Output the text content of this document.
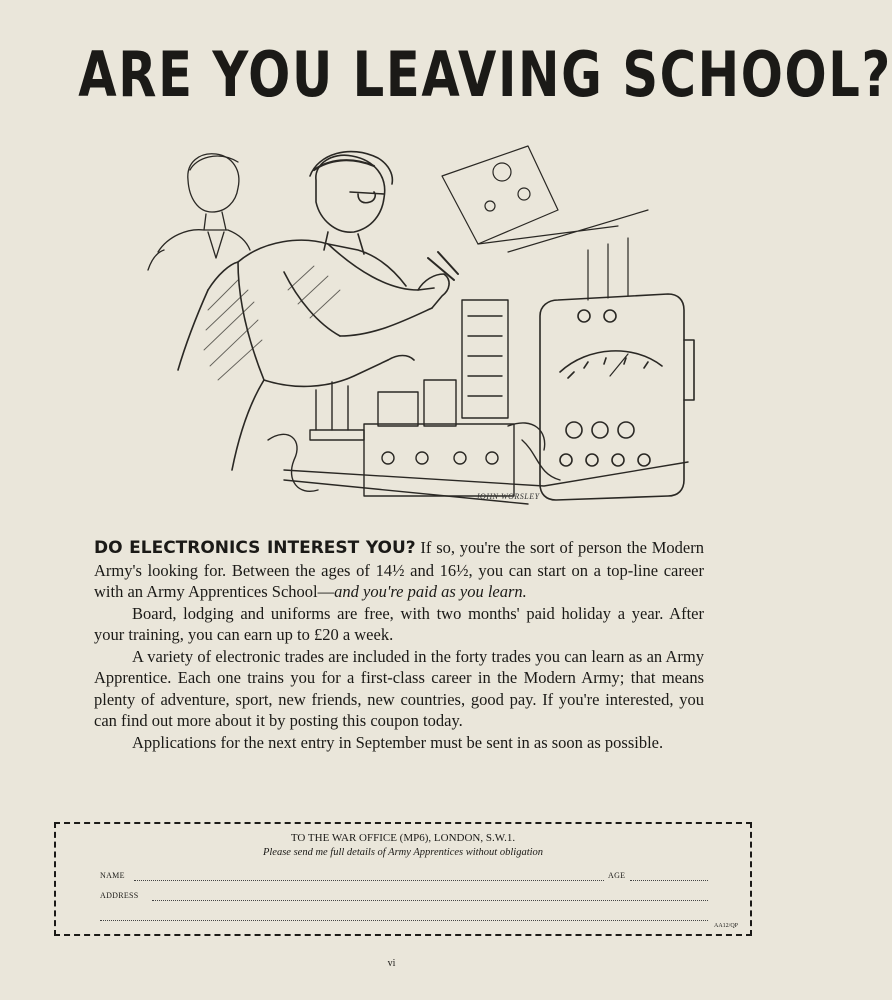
ARE YOU LEAVING SCHOOL?
JOHN WORSLEY

DO ELECTRONICS INTEREST YOU? If so, you're the sort of person the Modern Army's looking for. Between the ages of 14½ and 16½, you can start on a top-line career with an Army Apprentices School—and you're paid as you learn.

Board, lodging and uniforms are free, with two months' paid holiday a year. After your training, you can earn up to £20 a week.

A variety of electronic trades are included in the forty trades you can learn as an Army Apprentice. Each one trains you for a first-class career in the Modern Army; that means plenty of adventure, sport, new friends, new countries, good pay. If you're interested, you can find out more about it by posting this coupon today.

Applications for the next entry in September must be sent in as soon as possible.

TO THE WAR OFFICE (MP6), LONDON, S.W.1.
Please send me full details of Army Apprentices without obligation
NAME	AGE
ADDRESS
AA12/QP
vi
